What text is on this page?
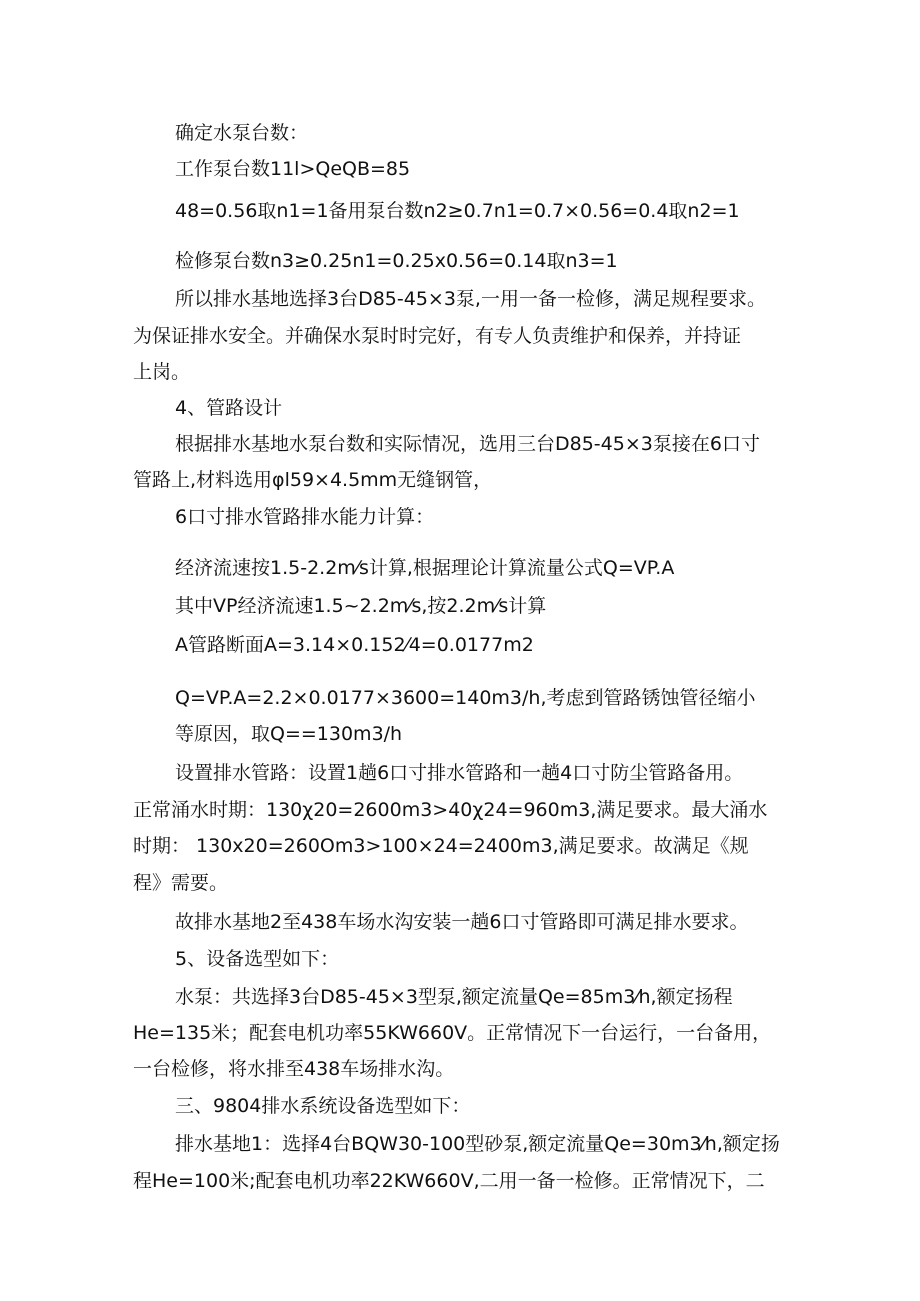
确定水泵台数：
工作泵台数11l>QeQB=85
48=0.56取n1=1备用泵台数n2≥0.7n1=0.7×0.56=0.4取n2=1
检修泵台数n3≥0.25n1=0.25x0.56=0.14取n3=1
所以排水基地选择3台D85-45×3泵,一用一备一检修，满足规程要求。
为保证排水安全。并确保水泵时时完好，有专人负责维护和保养，并持证
上岗。
4、管路设计
根据排水基地水泵台数和实际情况，选用三台D85-45×3泵接在6口寸
管路上,材料选用φl59×4.5mm无缝钢管，
6口寸排水管路排水能力计算：
经济流速按1.5-2.2m⁄s计算,根据理论计算流量公式Q=VP.A
其中VP经济流速1.5~2.2m⁄s,按2.2m⁄s计算
A管路断面A=3.14×0.152⁄4=0.0177m2
Q=VP.A=2.2×0.0177×3600=140m3/h,考虑到管路锈蚀管径缩小
等原因，取Q==130m3/h
设置排水管路：设置1趟6口寸排水管路和一趟4口寸防尘管路备用。
正常涌水时期：130χ20=2600m3>40χ24=960m3,满足要求。最大涌水
时期： 130x20=260Om3>100×24=2400m3,满足要求。故满足《规
程》需要。
故排水基地2至438车场水沟安装一趟6口寸管路即可满足排水要求。
5、设备选型如下：
水泵：共选择3台D85-45×3型泵,额定流量Qe=85m3⁄h,额定扬程
He=135米；配套电机功率55KW660V。正常情况下一台运行，一台备用，
一台检修，将水排至438车场排水沟。
三、9804排水系统设备选型如下：
排水基地1：选择4台BQW30-100型砂泵,额定流量Qe=30m3⁄h,额定扬
程He=100米;配套电机功率22KW660V,二用一备一检修。正常情况下，二
